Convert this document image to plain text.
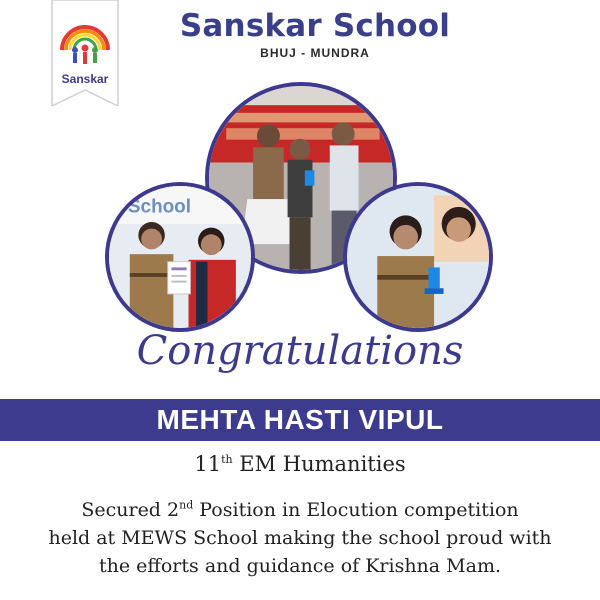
Sanskar
Sanskar School
BHUJ - MUNDRA
School
Congratulations
MEHTA HASTI VIPUL
11th EM Humanities
Secured 2nd Position in Elocution competition
held at MEWS School making the school proud with
the efforts and guidance of Krishna Mam.
